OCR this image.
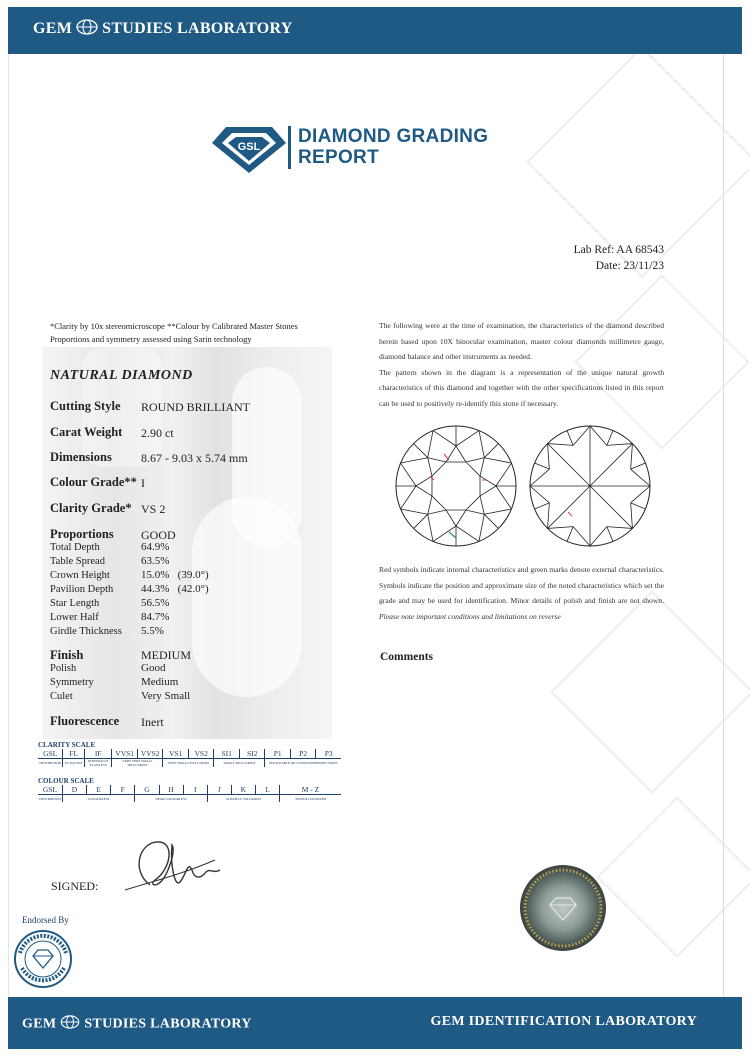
GEM STUDIES LABORATORY
GSL DIAMOND GRADING
REPORT
Lab Ref: AA 68543
Date: 23/11/23
*Clarity by 10x stereomicroscope **Colour by Calibrated Master Stones
Proportions and symmetry assessed using Sarin technology
NATURAL DIAMOND
Cutting Style ROUND BRILLIANT
Carat Weight 2.90 ct
Dimensions 8.67 - 9.03 x 5.74 mm
Colour Grade** I
Clarity Grade* VS 2
Proportions GOOD
Total Depth	64.9%
Table Spread	63.5%
Crown Height	15.0%   (39.0°)
Pavilion Depth	44.3%   (42.0°)
Star Length	56.5%
Lower Half	84.7%
Girdle Thickness 5.5%
Finish	MEDIUM
Polish	Good
Symmetry	Medium
Culet	Very Small
Fluorescence Inert
CLARITY SCALE
GSL	FL	IF	VVS1	VVS2	VS1	VS2	SI1	SI2	P1	P2	P3
DESCRIPTION	FLAWLESS	INTERNALLY FLAWLESS	VERY VERY SMALL INCLUSIONS		VERY SMALL INCLUSIONS		SMALL INCLUSIONS		NOTICEABLE INCLUSIONS IMPERFECTIONS		
COLOUR SCALE
GSL	D	E	F	G	H	I	J	K	L	M - Z
DESCRIPTION	COLOURLESS			NEAR COLOURLESS			SLIGHTLY COLOURED			TINTED COLOURED
SIGNED:
Endorsed By
The following were at the time of examination, the characteristics of the diamond described herein based upon 10X binocular examination, master colour diamonds millimetre gauge, diamond balance and other instruments as needed.
The pattern shown in the diagram is a representation of the unique natural growth characteristics of this diamond and together with the other specifications listed in this report can be used to positively re-identify this stone if necessary.
Red symbols indicate internal characteristics and green marks denote external characteristics. Symbols indicate the position and approximate size of the noted characteristics which set the grade and may be used for identification. Minor details of polish and finish are not shown. Please note important conditions and limitations on reverse
Comments
GEM STUDIES LABORATORY	GEM IDENTIFICATION LABORATORY
